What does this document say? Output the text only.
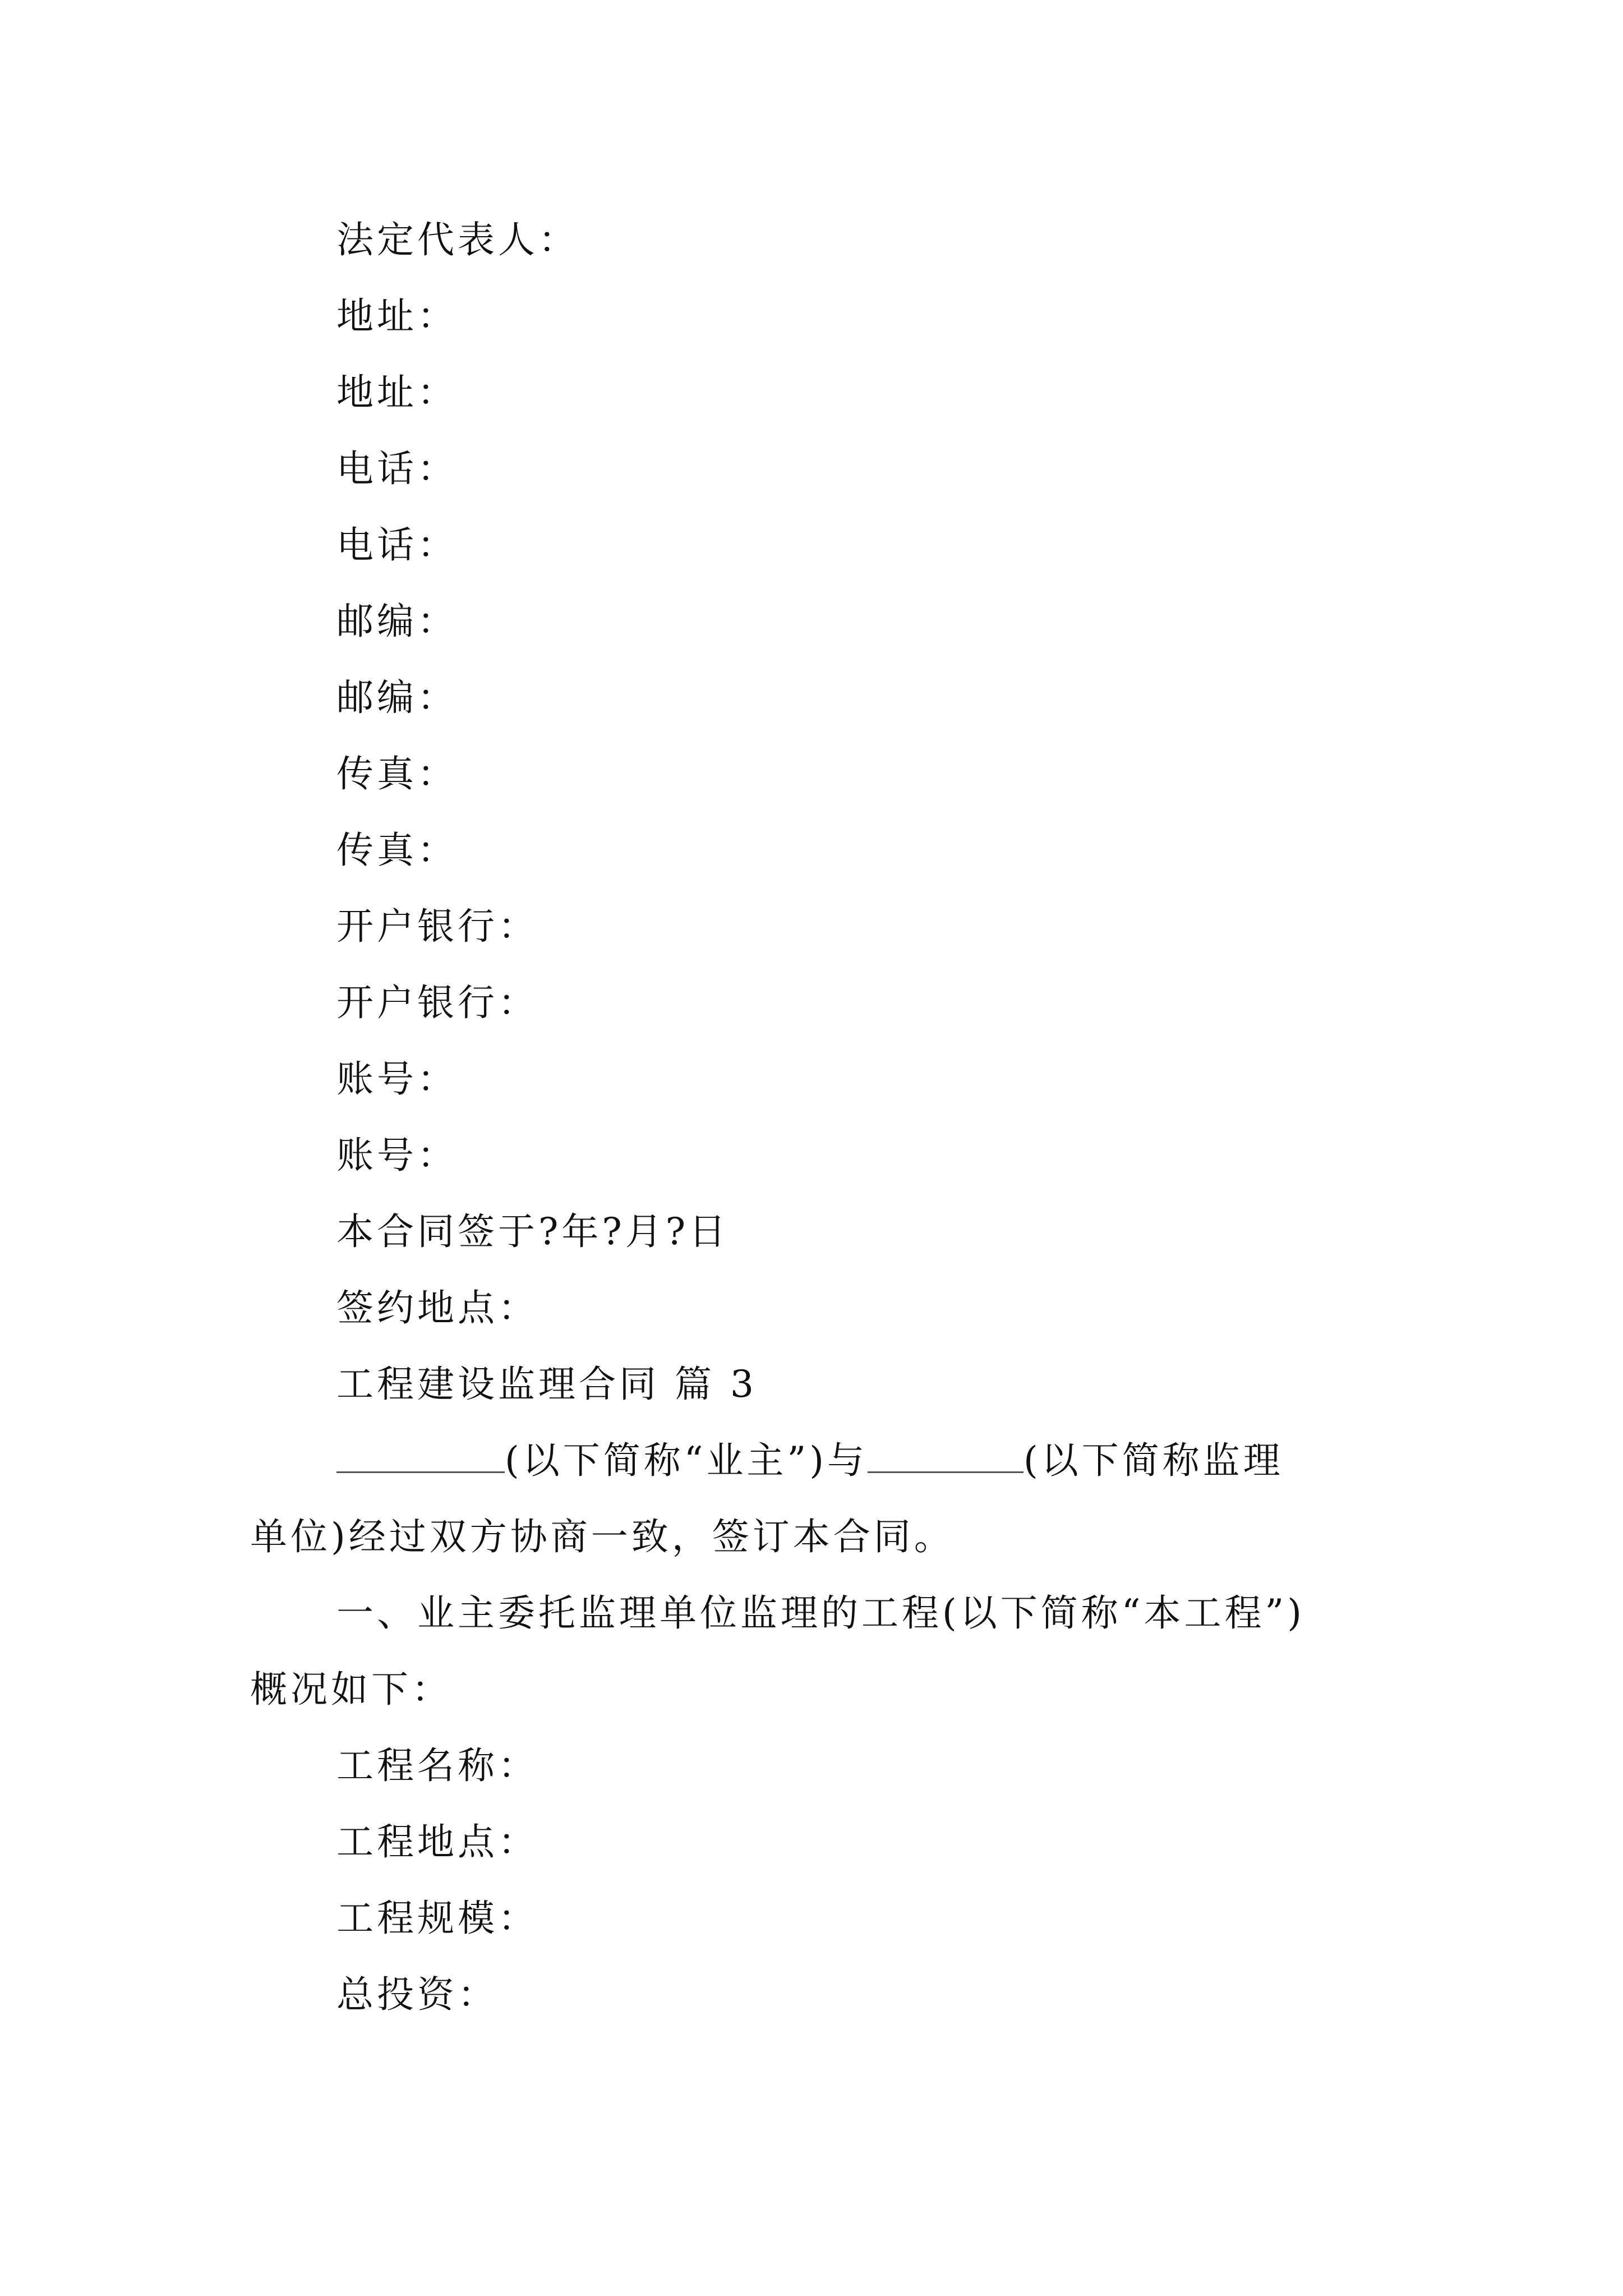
法定代表人：
地址：
地址：
电话：
电话：
邮编：
邮编：
传真：
传真：
开户银行：
开户银行：
账号：
账号：
本合同签于?年?月?日
签约地点：
工程建设监理合同 篇 3
(以下简称“业主”)与	(以下简称监理
单位)经过双方协商一致，签订本合同。
一、业主委托监理单位监理的工程(以下简称“本工程”)
概况如下：
工程名称：
工程地点：
工程规模：
总投资：
